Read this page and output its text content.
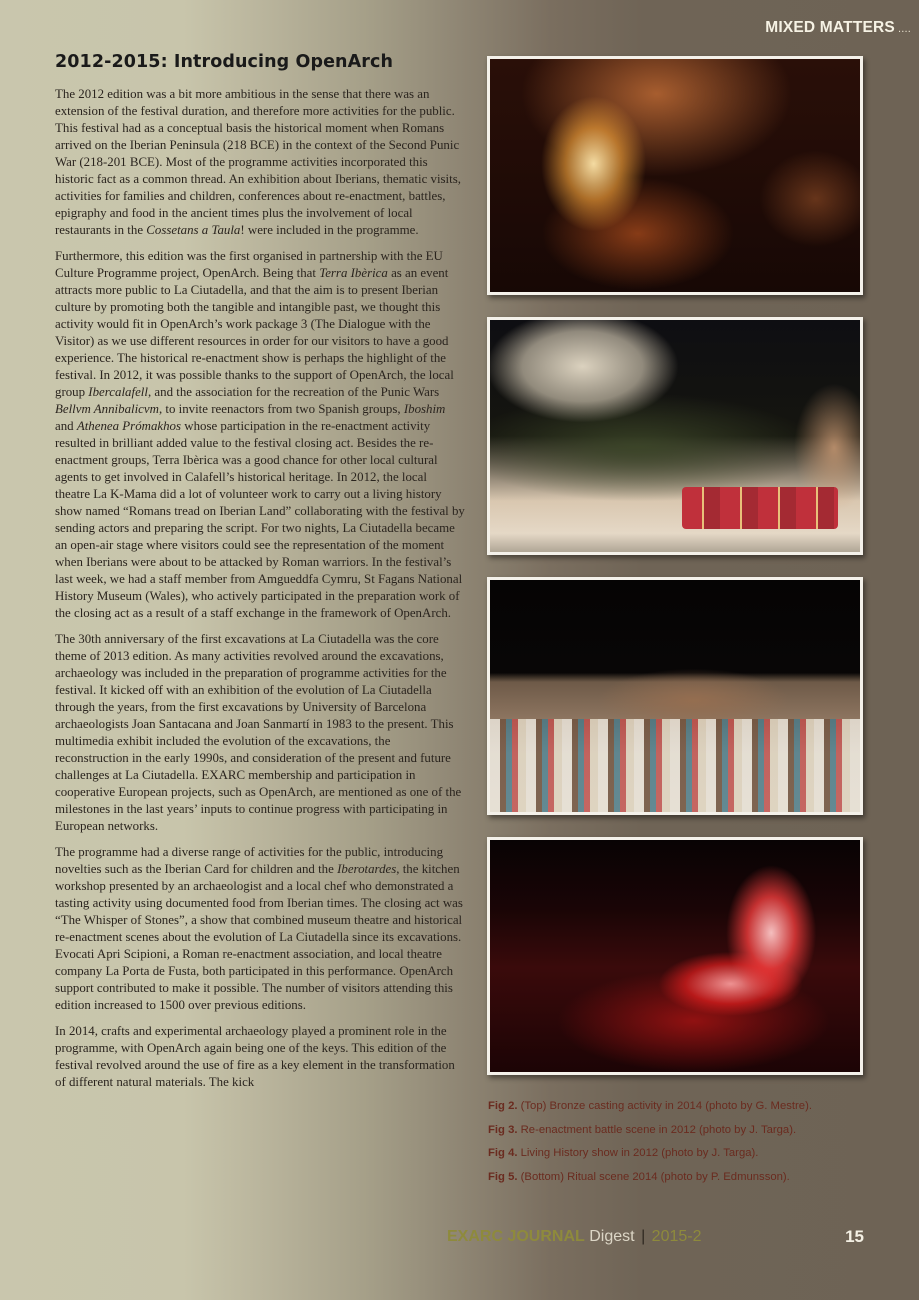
MIXED MATTERS ....
2012-2015: Introducing OpenArch

The 2012 edition was a bit more ambitious in the sense that there was an extension of the festival duration, and therefore more activities for the public. This festival had as a conceptual basis the historical moment when Romans arrived on the Iberian Peninsula (218 BCE) in the context of the Second Punic War (218-201 BCE). Most of the programme activities incorporated this historic fact as a common thread. An exhibition about Iberians, thematic visits, activities for families and children, conferences about re-enactment, battles, epigraphy and food in the ancient times plus the involvement of local restaurants in the Cossetans a Taula! were included in the programme.

Furthermore, this edition was the first organised in partnership with the EU Culture Programme project, OpenArch. Being that Terra Ibèrica as an event attracts more public to La Ciutadella, and that the aim is to present Iberian culture by promoting both the tangible and intangible past, we thought this activity would fit in OpenArch’s work package 3 (The Dialogue with the Visitor) as we use different resources in order for our visitors to have a good experience. The historical re-enactment show is perhaps the highlight of the festival. In 2012, it was possible thanks to the support of OpenArch, the local group Ibercalafell, and the association for the recreation of the Punic Wars Bellvm Annibalicvm, to invite reenactors from two Spanish groups, Iboshim and Athenea Prómakhos whose participation in the re-enactment activity resulted in brilliant added value to the festival closing act. Besides the re-enactment groups, Terra Ibèrica was a good chance for other local cultural agents to get involved in Calafell’s historical heritage. In 2012, the local theatre La K-Mama did a lot of volunteer work to carry out a living history show named “Romans tread on Iberian Land” collaborating with the festival by sending actors and preparing the script. For two nights, La Ciutadella became an open-air stage where visitors could see the representation of the moment when Iberians were about to be attacked by Roman warriors. In the festival’s last week, we had a staff member from Amgueddfa Cymru, St Fagans National History Museum (Wales), who actively participated in the preparation work of the closing act as a result of a staff exchange in the framework of OpenArch.

The 30th anniversary of the first excavations at La Ciutadella was the core theme of 2013 edition. As many activities revolved around the excavations, archaeology was included in the preparation of programme activities for the festival. It kicked off with an exhibition of the evolution of La Ciutadella through the years, from the first excavations by University of Barcelona archaeologists Joan Santacana and Joan Sanmartí in 1983 to the present. This multimedia exhibit included the evolution of the excavations, the reconstruction in the early 1990s, and consideration of the present and future challenges at La Ciutadella. EXARC membership and participation in cooperative European projects, such as OpenArch, are mentioned as one of the milestones in the last years’ inputs to continue progress with participating in European networks.

The programme had a diverse range of activities for the public, introducing novelties such as the Iberian Card for children and the Iberotardes, the kitchen workshop presented by an archaeologist and a local chef who demonstrated a tasting activity using documented food from Iberian times. The closing act was “The Whisper of Stones”, a show that combined museum theatre and historical re-enactment scenes about the evolution of La Ciutadella since its excavations. Evocati Apri Scipioni, a Roman re-enactment association, and local theatre company La Porta de Fusta, both participated in this performance. OpenArch support contributed to make it possible. The number of visitors attending this edition increased to 1500 over previous editions.

In 2014, crafts and experimental archaeology played a prominent role in the programme, with OpenArch again being one of the keys. This edition of the festival revolved around the use of fire as a key element in the transformation of different natural materials. The kick

Fig 2. (Top) Bronze casting activity in 2014 (photo by G. Mestre).

Fig 3. Re-enactment battle scene in 2012 (photo by J. Targa).

Fig 4. Living History show in 2012 (photo by J. Targa).

Fig 5. (Bottom) Ritual scene 2014 (photo by P. Edmunsson).

EXARC JOURNAL Digest | 2015-2	15
